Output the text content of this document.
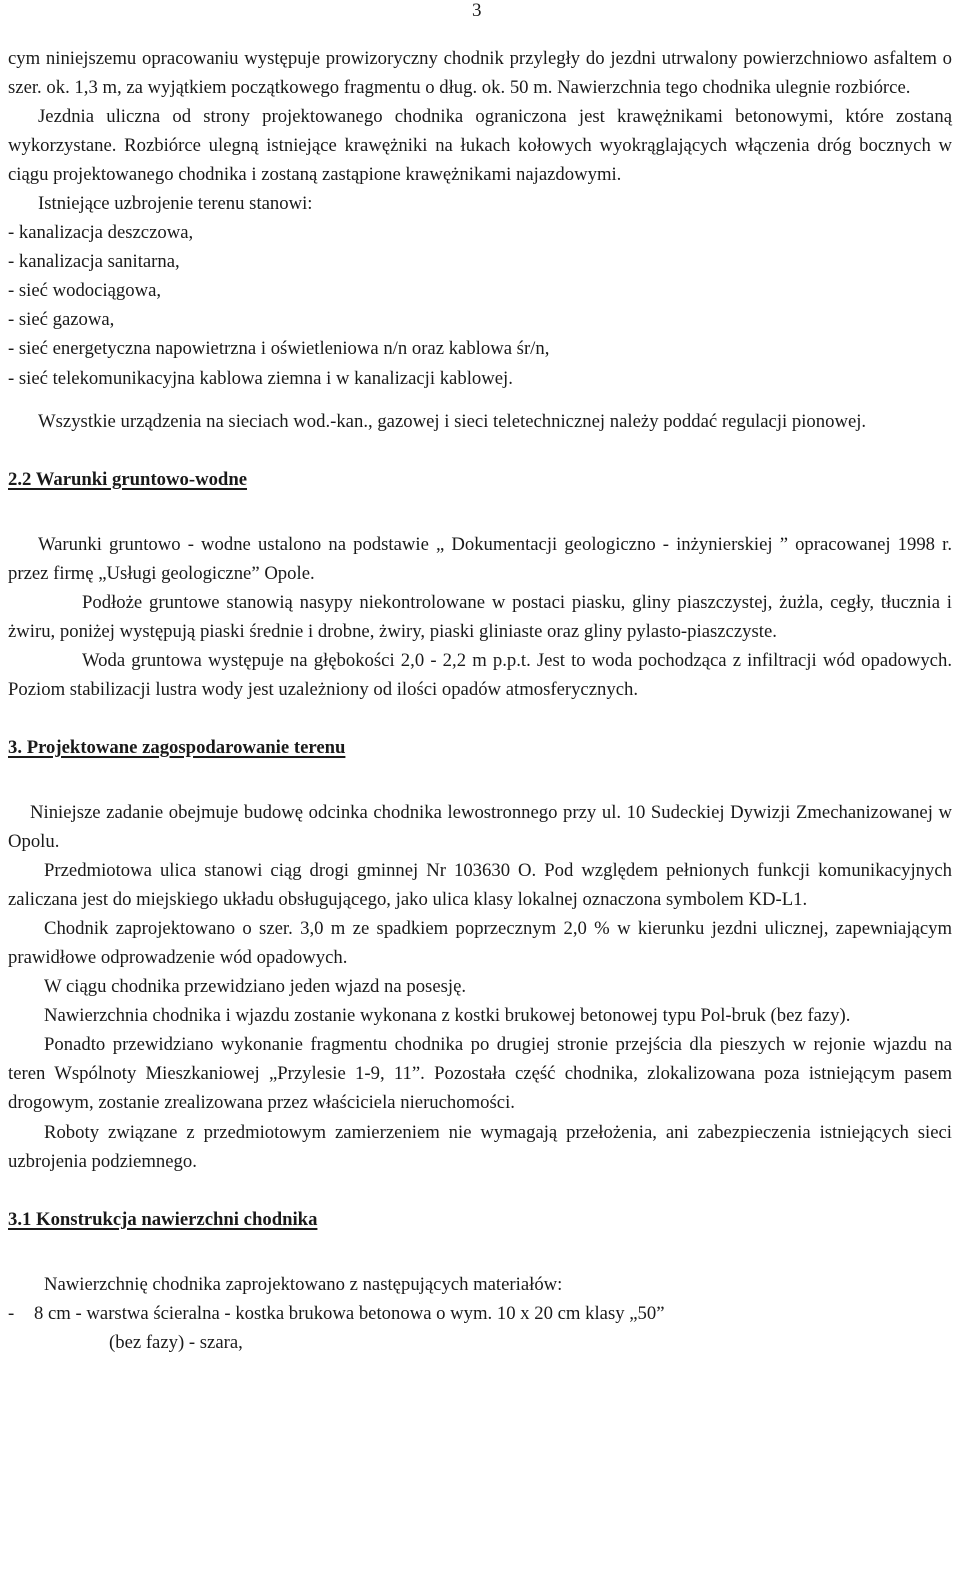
3

cym niniejszemu opracowaniu występuje prowizoryczny chodnik przyległy do jezdni utrwalony powierzchniowo asfaltem o szer. ok. 1,3 m, za wyjątkiem początkowego fragmentu o dług. ok. 50 m. Nawierzchnia tego chodnika ulegnie rozbiórce.

Jezdnia uliczna od strony projektowanego chodnika ograniczona jest krawężnikami betonowymi, które zostaną wykorzystane. Rozbiórce ulegną istniejące krawężniki na łukach kołowych wyokrąglających włączenia dróg bocznych w ciągu projektowanego chodnika i zostaną zastąpione krawężnikami najazdowymi.

Istniejące uzbrojenie terenu stanowi:

- kanalizacja deszczowa,
- kanalizacja sanitarna,
- sieć wodociągowa,
- sieć gazowa,
- sieć energetyczna napowietrzna i oświetleniowa n/n oraz kablowa śr/n,
- sieć telekomunikacyjna kablowa ziemna i w kanalizacji kablowej.

Wszystkie urządzenia na sieciach wod.-kan., gazowej i sieci teletechnicznej należy poddać regulacji pionowej.

2.2 Warunki gruntowo-wodne

Warunki gruntowo - wodne ustalono na podstawie „ Dokumentacji geologiczno - inżynierskiej ” opracowanej 1998 r. przez firmę „Usługi geologiczne” Opole.

Podłoże gruntowe stanowią nasypy niekontrolowane w postaci piasku, gliny piaszczystej, żużla, cegły, tłucznia i żwiru, poniżej występują piaski średnie i drobne, żwiry, piaski gliniaste oraz gliny pylasto-piaszczyste.

Woda gruntowa występuje na głębokości 2,0 - 2,2 m p.p.t. Jest to woda pochodząca z infiltracji wód opadowych. Poziom stabilizacji lustra wody jest uzależniony od ilości opadów atmosferycznych.

3. Projektowane zagospodarowanie terenu

Niniejsze zadanie obejmuje budowę odcinka chodnika lewostronnego przy ul. 10 Sudeckiej Dywizji Zmechanizowanej w Opolu.

Przedmiotowa ulica stanowi ciąg drogi gminnej Nr 103630 O. Pod względem pełnionych funkcji komunikacyjnych zaliczana jest do miejskiego układu obsługującego, jako ulica klasy lokalnej oznaczona symbolem KD-L1.

Chodnik zaprojektowano o szer. 3,0 m ze spadkiem poprzecznym 2,0 % w kierunku jezdni ulicznej, zapewniającym prawidłowe odprowadzenie wód opadowych.

W ciągu chodnika przewidziano jeden wjazd na posesję.

Nawierzchnia chodnika i wjazdu zostanie wykonana z kostki brukowej betonowej typu Pol-bruk (bez fazy).

Ponadto przewidziano wykonanie fragmentu chodnika po drugiej stronie przejścia dla pieszych w rejonie wjazdu na teren Wspólnoty Mieszkaniowej „Przylesie 1-9, 11”. Pozostała część chodnika, zlokalizowana poza istniejącym pasem drogowym, zostanie zrealizowana przez właściciela nieruchomości.

Roboty związane z przedmiotowym zamierzeniem nie wymagają przełożenia, ani zabezpieczenia istniejących sieci uzbrojenia podziemnego.

3.1 Konstrukcja nawierzchni chodnika

Nawierzchnię chodnika zaprojektowano z następujących materiałów:

-	8 cm - warstwa ścieralna - kostka brukowa betonowa o wym. 10 x 20 cm klasy „50”
(bez fazy) - szara,
